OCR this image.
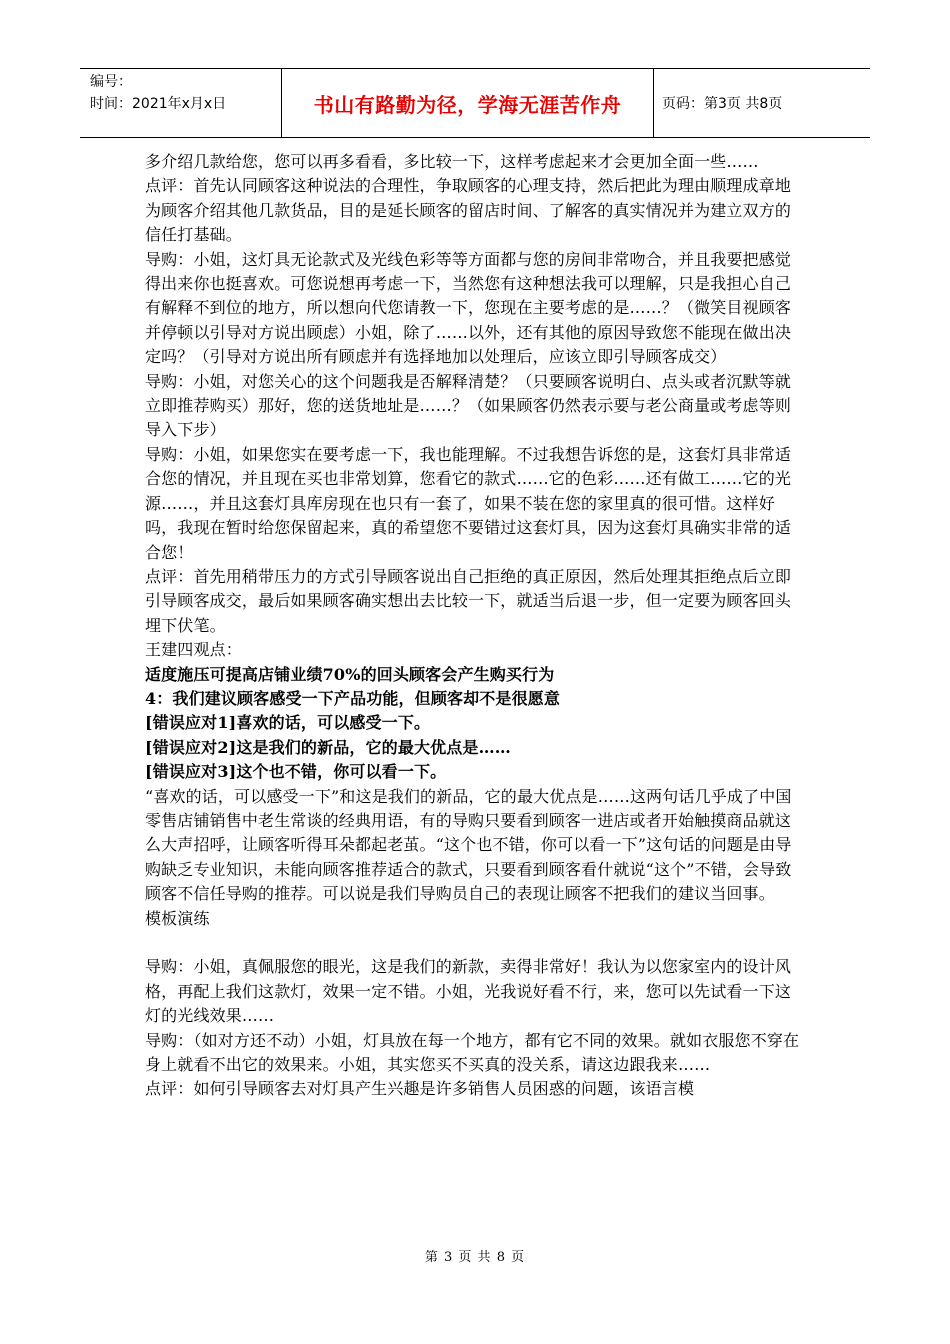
编号：
时间：2021年x月x日	书山有路勤为径，学海无涯苦作舟	页码：第3页 共8页

多介绍几款给您，您可以再多看看，多比较一下，这样考虑起来才会更加全面一些……

点评：首先认同顾客这种说法的合理性，争取顾客的心理支持，然后把此为理由顺理成章地为顾客介绍其他几款货品，目的是延长顾客的留店时间、了解客的真实情况并为建立双方的信任打基础。

导购：小姐，这灯具无论款式及光线色彩等等方面都与您的房间非常吻合，并且我要把感觉得出来你也挺喜欢。可您说想再考虑一下，当然您有这种想法我可以理解，只是我担心自己有解释不到位的地方，所以想向代您请教一下，您现在主要考虑的是……？（微笑目视顾客并停顿以引导对方说出顾虑）小姐，除了……以外，还有其他的原因导致您不能现在做出决定吗？（引导对方说出所有顾虑并有选择地加以处理后，应该立即引导顾客成交）

导购：小姐，对您关心的这个问题我是否解释清楚？（只要顾客说明白、点头或者沉默等就立即推荐购买）那好，您的送货地址是……？（如果顾客仍然表示要与老公商量或考虑等则导入下步）

导购：小姐，如果您实在要考虑一下，我也能理解。不过我想告诉您的是，这套灯具非常适合您的情况，并且现在买也非常划算，您看它的款式……它的色彩……还有做工……它的光源……，并且这套灯具库房现在也只有一套了，如果不装在您的家里真的很可惜。这样好吗，我现在暂时给您保留起来，真的希望您不要错过这套灯具，因为这套灯具确实非常的适合您！

点评：首先用稍带压力的方式引导顾客说出自己拒绝的真正原因，然后处理其拒绝点后立即引导顾客成交，最后如果顾客确实想出去比较一下，就适当后退一步，但一定要为顾客回头埋下伏笔。

王建四观点：

适度施压可提高店铺业绩70%的回头顾客会产生购买行为

4：我们建议顾客感受一下产品功能，但顾客却不是很愿意

[错误应对1]喜欢的话，可以感受一下。

[错误应对2]这是我们的新品，它的最大优点是……

[错误应对3]这个也不错，你可以看一下。

“喜欢的话，可以感受一下”和这是我们的新品，它的最大优点是……这两句话几乎成了中国零售店铺销售中老生常谈的经典用语，有的导购只要看到顾客一进店或者开始触摸商品就这么大声招呼，让顾客听得耳朵都起老茧。“这个也不错，你可以看一下”这句话的问题是由导购缺乏专业知识，未能向顾客推荐适合的款式，只要看到顾客看什就说“这个”不错，会导致顾客不信任导购的推荐。可以说是我们导购员自己的表现让顾客不把我们的建议当回事。

模板演练

导购：小姐，真佩服您的眼光，这是我们的新款，卖得非常好！我认为以您家室内的设计风格，再配上我们这款灯，效果一定不错。小姐，光我说好看不行，来，您可以先试看一下这灯的光线效果……

导购：（如对方还不动）小姐，灯具放在每一个地方，都有它不同的效果。就如衣服您不穿在身上就看不出它的效果来。小姐，其实您买不买真的没关系，请这边跟我来……

点评：如何引导顾客去对灯具产生兴趣是许多销售人员困惑的问题，该语言模

第 3 页 共 8 页
